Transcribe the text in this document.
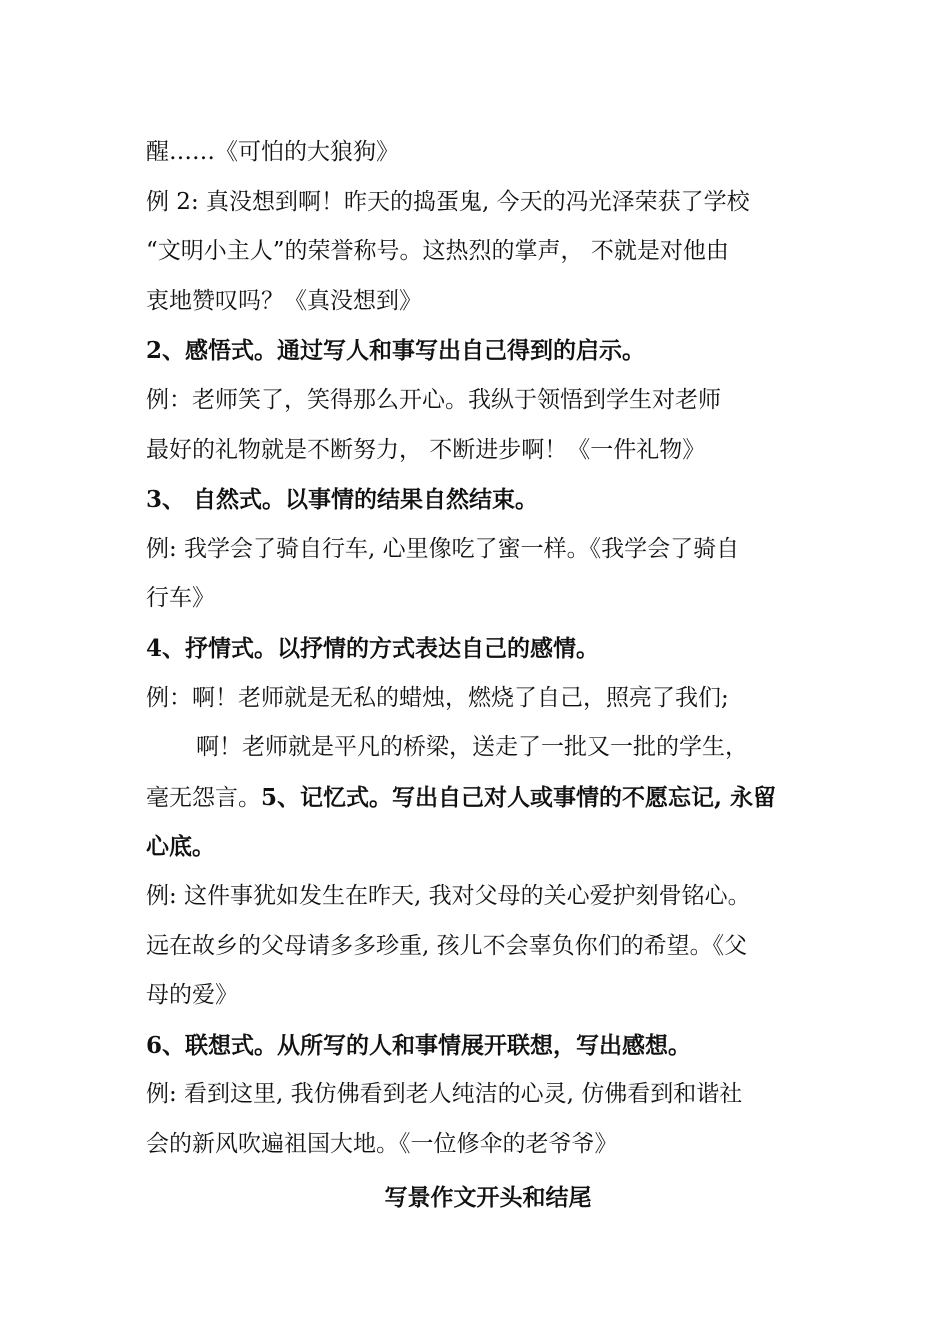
醒……《可怕的大狼狗》
例 2: 真没想到啊！昨天的捣蛋鬼, 今天的冯光泽荣获了学校
“文明小主人”的荣誉称号。这热烈的掌声， 不就是对他由
衷地赞叹吗？《真没想到》
2、感悟式。通过写人和事写出自己得到的启示。
例：老师笑了，笑得那么开心。我纵于领悟到学生对老师
最好的礼物就是不断努力， 不断进步啊！《一件礼物》
3、 自然式。以事情的结果自然结束。
例: 我学会了骑自行车, 心里像吃了蜜一样。《我学会了骑自
行车》
4、抒情式。以抒情的方式表达自己的感情。
例：啊！老师就是无私的蜡烛，燃烧了自己，照亮了我们;
啊！老师就是平凡的桥梁，送走了一批又一批的学生，
毫无怨言。5、记忆式。写出自己对人或事情的不愿忘记, 永留
心底。
例: 这件事犹如发生在昨天, 我对父母的关心爱护刻骨铭心。
远在故乡的父母请多多珍重, 孩儿不会辜负你们的希望。《父
母的爱》
6、联想式。从所写的人和事情展开联想，写出感想。
例: 看到这里, 我仿佛看到老人纯洁的心灵, 仿佛看到和谐社
会的新风吹遍祖国大地。《一位修伞的老爷爷》
写景作文开头和结尾
